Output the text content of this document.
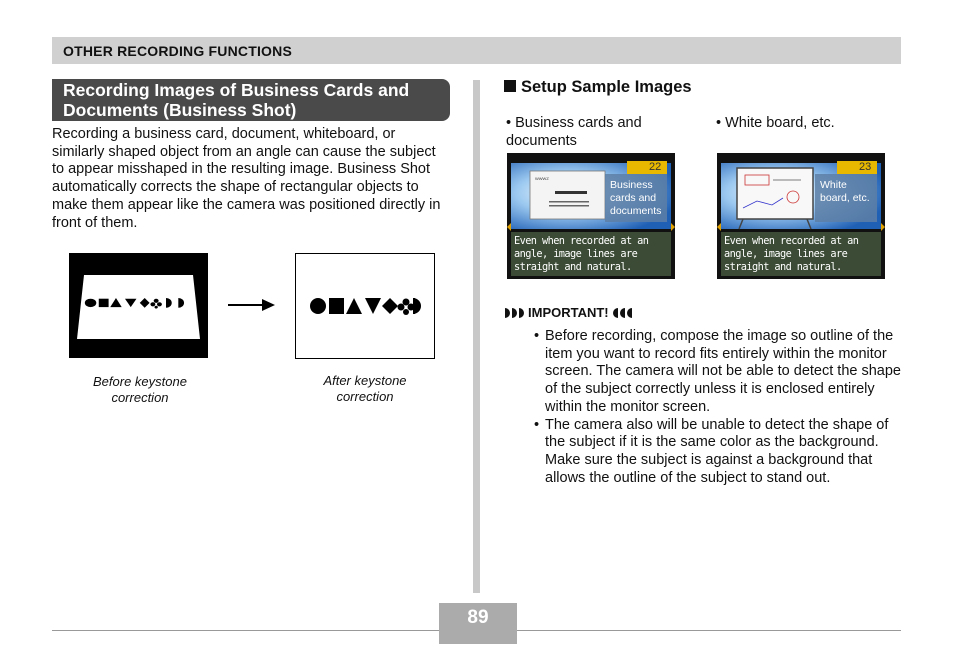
OTHER RECORDING FUNCTIONS
Recording Images of Business Cards and Documents (Business Shot)
Recording a business card, document, whiteboard, or similarly shaped object from an angle can cause the subject to appear misshaped in the resulting image. Business Shot automatically corrects the shape of rectangular objects to make them appear like the camera was positioned directly in front of them.
Before keystone correction
After keystone correction
Setup Sample Images
• Business cards and documents
• White board, etc.
WWWZ
22
Business cards and documents
Even when recorded at an angle, image lines are straight and natural.
23
White board, etc.
Even when recorded at an angle, image lines are straight and natural.
IMPORTANT!
• Before recording, compose the image so outline of the item you want to record fits entirely within the monitor screen. The camera will not be able to detect the shape of the subject correctly unless it is enclosed entirely within the monitor screen.
• The camera also will be unable to detect the shape of the subject if it is the same color as the background. Make sure the subject is against a background that allows the outline of the subject to stand out.
89
